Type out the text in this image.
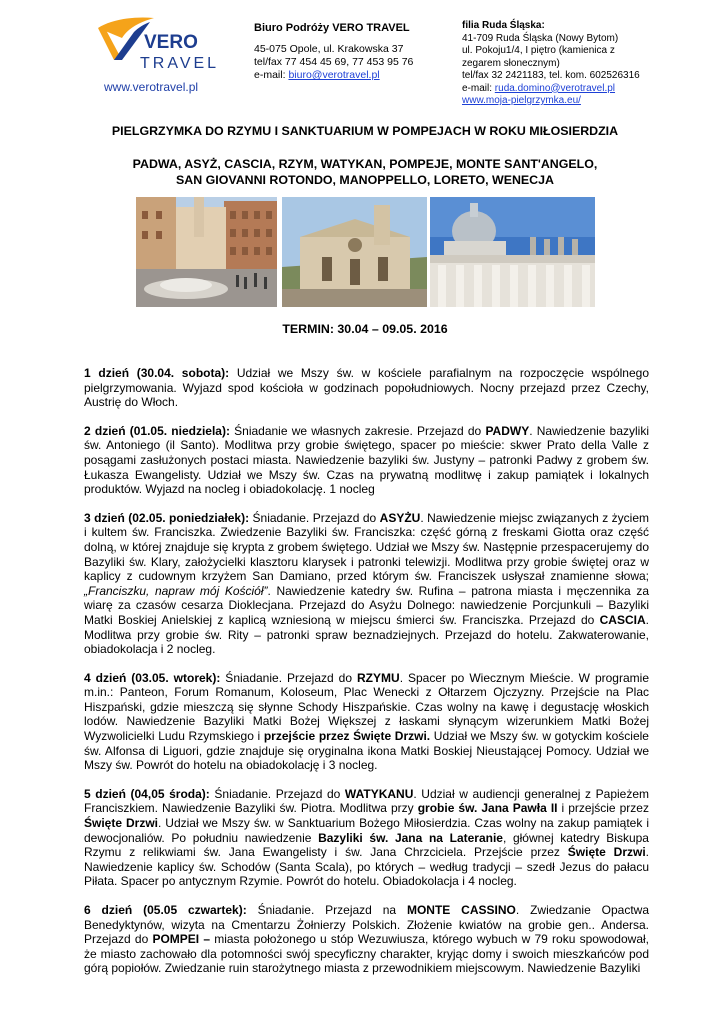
VERO
TRAVEL
www.verotravel.pl
Biuro Podróży VERO TRAVEL
45-075 Opole, ul. Krakowska 37
tel/fax 77 454 45 69, 77 453 95 76
e-mail: biuro@verotravel.pl
filia Ruda Śląska:
41-709 Ruda Śląska (Nowy Bytom)
ul. Pokoju1/4, I piętro (kamienica z
zegarem słonecznym)
tel/fax 32 2421183, tel. kom. 602526316
e-mail: ruda.domino@verotravel.pl
www.moja-pielgrzymka.eu/
PIELGRZYMKA DO RZYMU I SANKTUARIUM W POMPEJACH W ROKU MIŁOSIERDZIA
PADWA, ASYŻ, CASCIA, RZYM, WATYKAN, POMPEJE, MONTE SANT'ANGELO,
SAN GIOVANNI ROTONDO, MANOPPELLO, LORETO, WENECJA
TERMIN: 30.04 – 09.05. 2016

1 dzień (30.04. sobota): Udział we Mszy św. w kościele parafialnym na rozpoczęcie wspólnego pielgrzymowania. Wyjazd spod kościoła w godzinach popołudniowych. Nocny przejazd przez Czechy, Austrię do Włoch.

2 dzień (01.05. niedziela): Śniadanie we własnych zakresie. Przejazd do PADWY. Nawiedzenie bazyliki św. Antoniego (il Santo). Modlitwa przy grobie świętego, spacer po mieście: skwer Prato della Valle z posągami zasłużonych postaci miasta. Nawiedzenie bazyliki św. Justyny – patronki Padwy z grobem św. Łukasza Ewangelisty. Udział we Mszy św. Czas na prywatną modlitwę i zakup pamiątek i lokalnych produktów. Wyjazd na nocleg i obiadokolację. 1 nocleg

3 dzień (02.05. poniedziałek): Śniadanie. Przejazd do ASYŻU. Nawiedzenie miejsc związanych z życiem i kultem św. Franciszka. Zwiedzenie Bazyliki św. Franciszka: część górną z freskami Giotta oraz część dolną, w której znajduje się krypta z grobem świętego. Udział we Mszy św. Następnie przespacerujemy do Bazyliki św. Klary, założycielki klasztoru klarysek i patronki telewizji. Modlitwa przy grobie świętej oraz w kaplicy z cudownym krzyżem San Damiano, przed którym św. Franciszek usłyszał znamienne słowa; „Franciszku, napraw mój Kościół”. Nawiedzenie katedry św. Rufina – patrona miasta i męczennika za wiarę za czasów cesarza Dioklecjana. Przejazd do Asyżu Dolnego: nawiedzenie Porcjunkuli – Bazyliki Matki Boskiej Anielskiej z kaplicą wzniesioną w miejscu śmierci św. Franciszka. Przejazd do CASCIA. Modlitwa przy grobie św. Rity – patronki spraw beznadziejnych. Przejazd do hotelu. Zakwaterowanie, obiadokolacja i 2 nocleg.

4 dzień (03.05. wtorek): Śniadanie. Przejazd do RZYMU. Spacer po Wiecznym Mieście. W programie m.in.: Panteon, Forum Romanum, Koloseum, Plac Wenecki z Ołtarzem Ojczyzny. Przejście na Plac Hiszpański, gdzie mieszczą się słynne Schody Hiszpańskie. Czas wolny na kawę i degustację włoskich lodów. Nawiedzenie Bazyliki Matki Bożej Większej z łaskami słynącym wizerunkiem Matki Bożej Wyzwolicielki Ludu Rzymskiego i przejście przez Święte Drzwi. Udział we Mszy św. w gotyckim kościele św. Alfonsa di Liguori, gdzie znajduje się oryginalna ikona Matki Boskiej Nieustającej Pomocy. Udział we Mszy św. Powrót do hotelu na obiadokolację i 3 nocleg.

5 dzień (04,05 środa): Śniadanie. Przejazd do WATYKANU. Udział w audiencji generalnej z Papieżem Franciszkiem. Nawiedzenie Bazyliki św. Piotra. Modlitwa przy grobie św. Jana Pawła II i przejście przez Święte Drzwi. Udział we Mszy św. w Sanktuarium Bożego Miłosierdzia. Czas wolny na zakup pamiątek i dewocjonaliów. Po południu nawiedzenie Bazyliki św. Jana na Lateranie, głównej katedry Biskupa Rzymu z relikwiami św. Jana Ewangelisty i św. Jana Chrzciciela. Przejście przez Święte Drzwi. Nawiedzenie kaplicy św. Schodów (Santa Scala), po których – według tradycji – szedł Jezus do pałacu Piłata. Spacer po antycznym Rzymie. Powrót do hotelu. Obiadokolacja i 4 nocleg.

6 dzień (05.05 czwartek): Śniadanie. Przejazd na MONTE CASSINO. Zwiedzanie Opactwa Benedyktynów, wizyta na Cmentarzu Żołnierzy Polskich. Złożenie kwiatów na grobie gen.. Andersa. Przejazd do POMPEI – miasta położonego u stóp Wezuwiusza, którego wybuch w 79 roku spowodował, że miasto zachowało dla potomności swój specyficzny charakter, kryjąc domy i swoich mieszkańców pod górą popiołów. Zwiedzanie ruin starożytnego miasta z przewodnikiem miejscowym. Nawiedzenie Bazyliki
